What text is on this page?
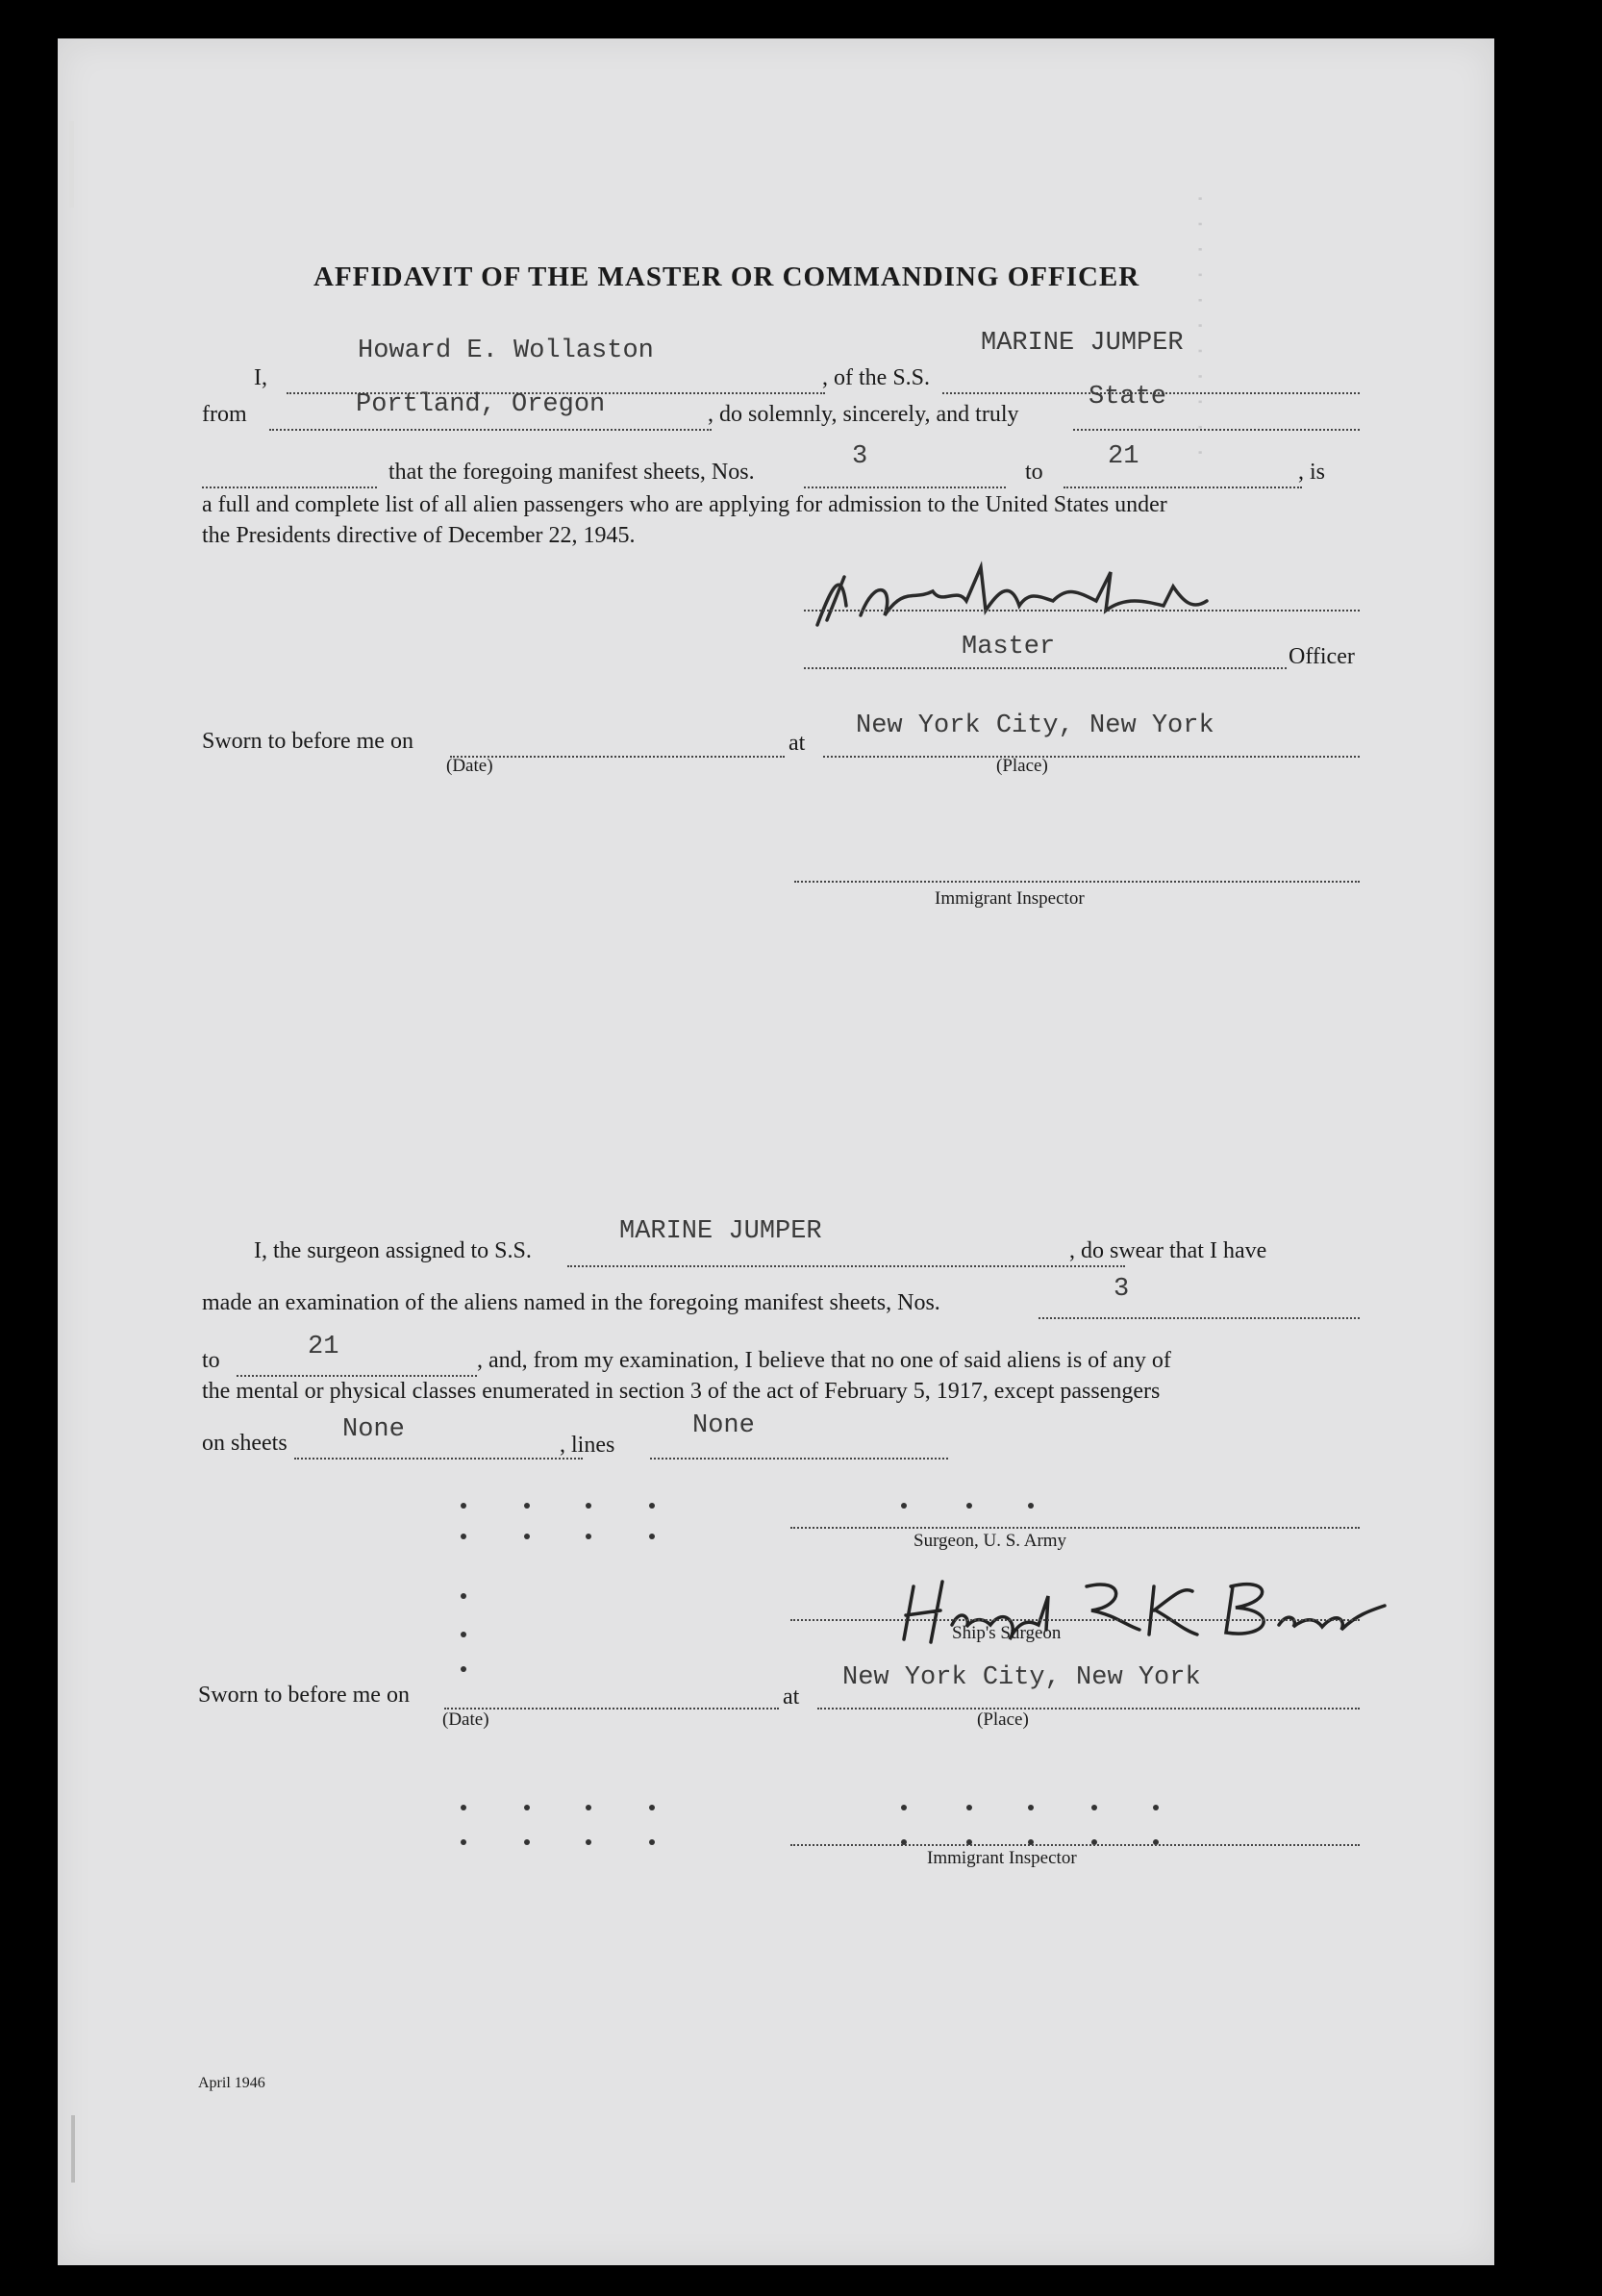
· · · · · · · · · · ·
AFFIDAVIT OF THE MASTER OR COMMANDING OFFICER
I,
Howard E. Wollaston
, of the S.S.
MARINE JUMPER
from	Portland, Oregon	, do solemnly, sincerely, and truly
State
that the foregoing manifest sheets, Nos.
3
to
21
, is
a full and complete list of all alien passengers who are applying for admission to the United States under
the Presidents directive of December 22, 1945.
Master	Officer
Sworn to before me on
(Date)
at
New York City, New York
(Place)
Immigrant Inspector
I, the surgeon assigned to S.S.
MARINE JUMPER
, do swear that I have
made an examination of the aliens named in the foregoing manifest sheets, Nos.	3
to	21	, and, from my examination, I believe that no one of said aliens is of any of
the mental or physical classes enumerated in section 3 of the act of February 5, 1917, except passengers
on sheets None
, lines
None
Surgeon, U. S. Army
Ship's Surgeon
Sworn to before me on
(Date)
at
New York City, New York
(Place)
Immigrant Inspector
April 1946
